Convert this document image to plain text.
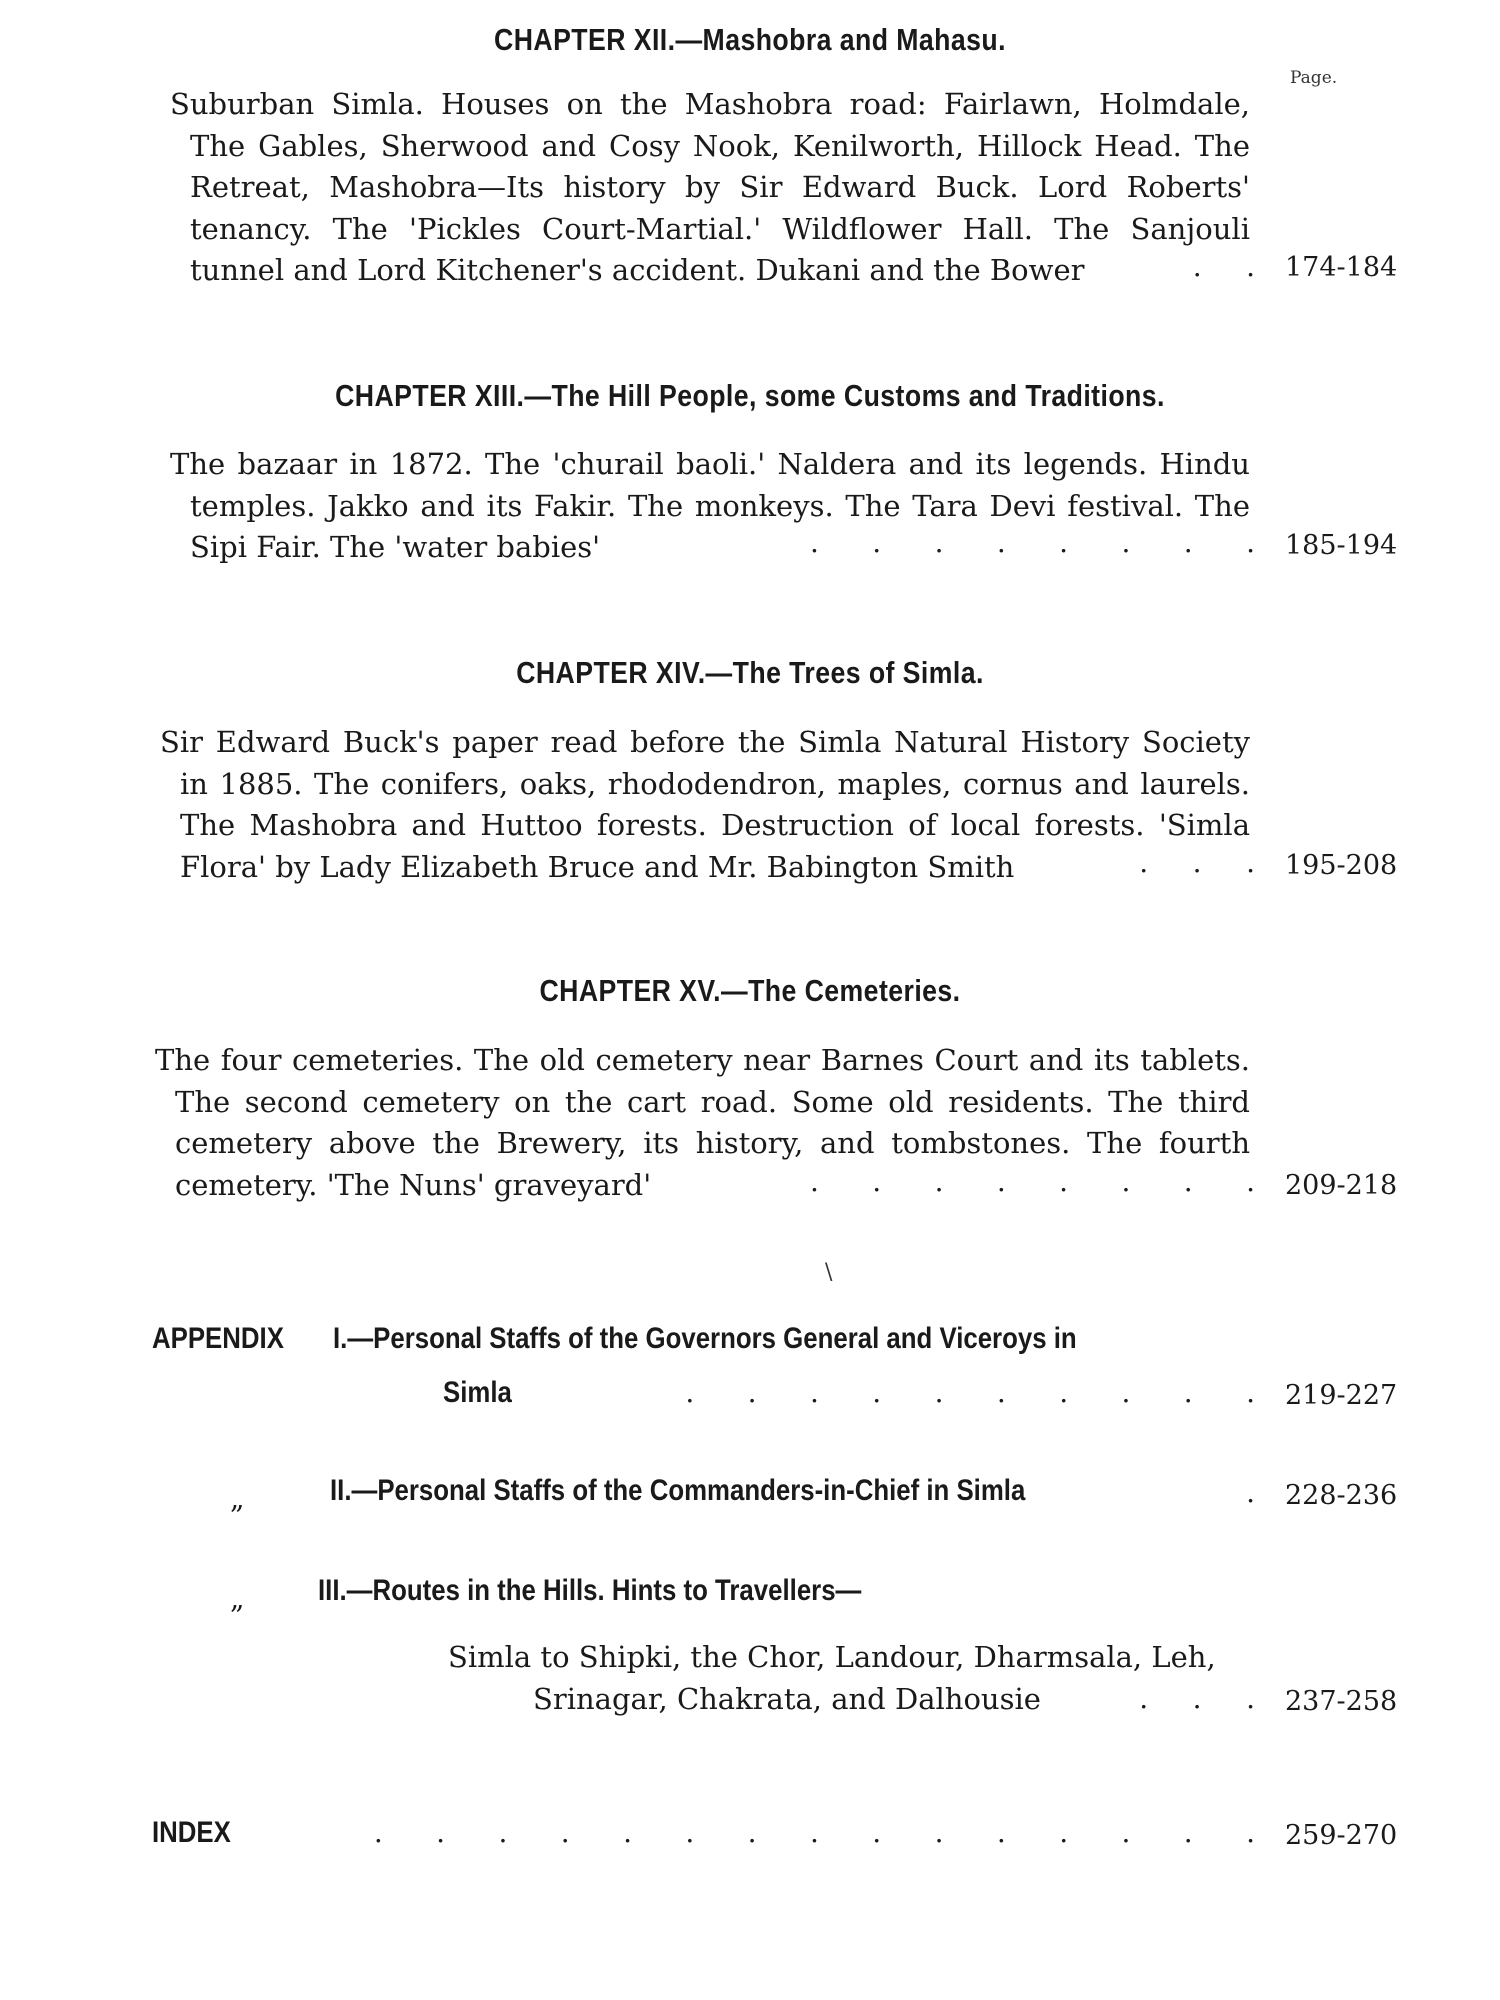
Page.
CHAPTER XII.—Mashobra and Mahasu.

Suburban Simla. Houses on the Mashobra road: Fairlawn, Holmdale, The Gables, Sherwood and Cosy Nook, Kenilworth, Hillock Head. The Retreat, Mashobra—Its history by Sir Edward Buck. Lord Roberts' tenancy. The 'Pickles Court-Martial.' Wildflower Hall. The Sanjouli tunnel and Lord Kitchener's accident. Dukani and the Bower	.     . 174-184
CHAPTER XIII.—The Hill People, some Customs and Traditions.

The bazaar in 1872. The 'churail baoli.' Naldera and its legends. Hindu temples. Jakko and its Fakir. The monkeys. The Tara Devi festival. The Sipi Fair. The 'water babies'	.      .      .      .      .      .      .      . 185-194
CHAPTER XIV.—The Trees of Simla.

Sir Edward Buck's paper read before the Simla Natural History Society in 1885. The conifers, oaks, rhododendron, maples, cornus and laurels. The Mashobra and Huttoo forests. Destruction of local forests. 'Simla Flora' by Lady Elizabeth Bruce and Mr. Babington Smith	.     .     . 195-208
CHAPTER XV.—The Cemeteries.

The four cemeteries. The old cemetery near Barnes Court and its tablets. The second cemetery on the cart road. Some old residents. The third cemetery above the Brewery, its history, and tombstones. The fourth cemetery. 'The Nuns' graveyard'	.      .      .      .      .      .      .      . 209-218
\
APPENDIX I.—Personal Staffs of the Governors General and Viceroys in
Simla	.      .      .      .      .      .      .      .      .      . 219-227
„	II.—Personal Staffs of the Commanders-in-Chief in Simla	. 228-236
„ III.—Routes in the Hills. Hints to Travellers—
Simla to Shipki, the Chor, Landour, Dharmsala, Leh,
Srinagar, Chakrata, and Dalhousie	.     .     . 237-258
INDEX	.      .      .      .      .      .      .      .      .      .      .      .      .      .      . 259-270
